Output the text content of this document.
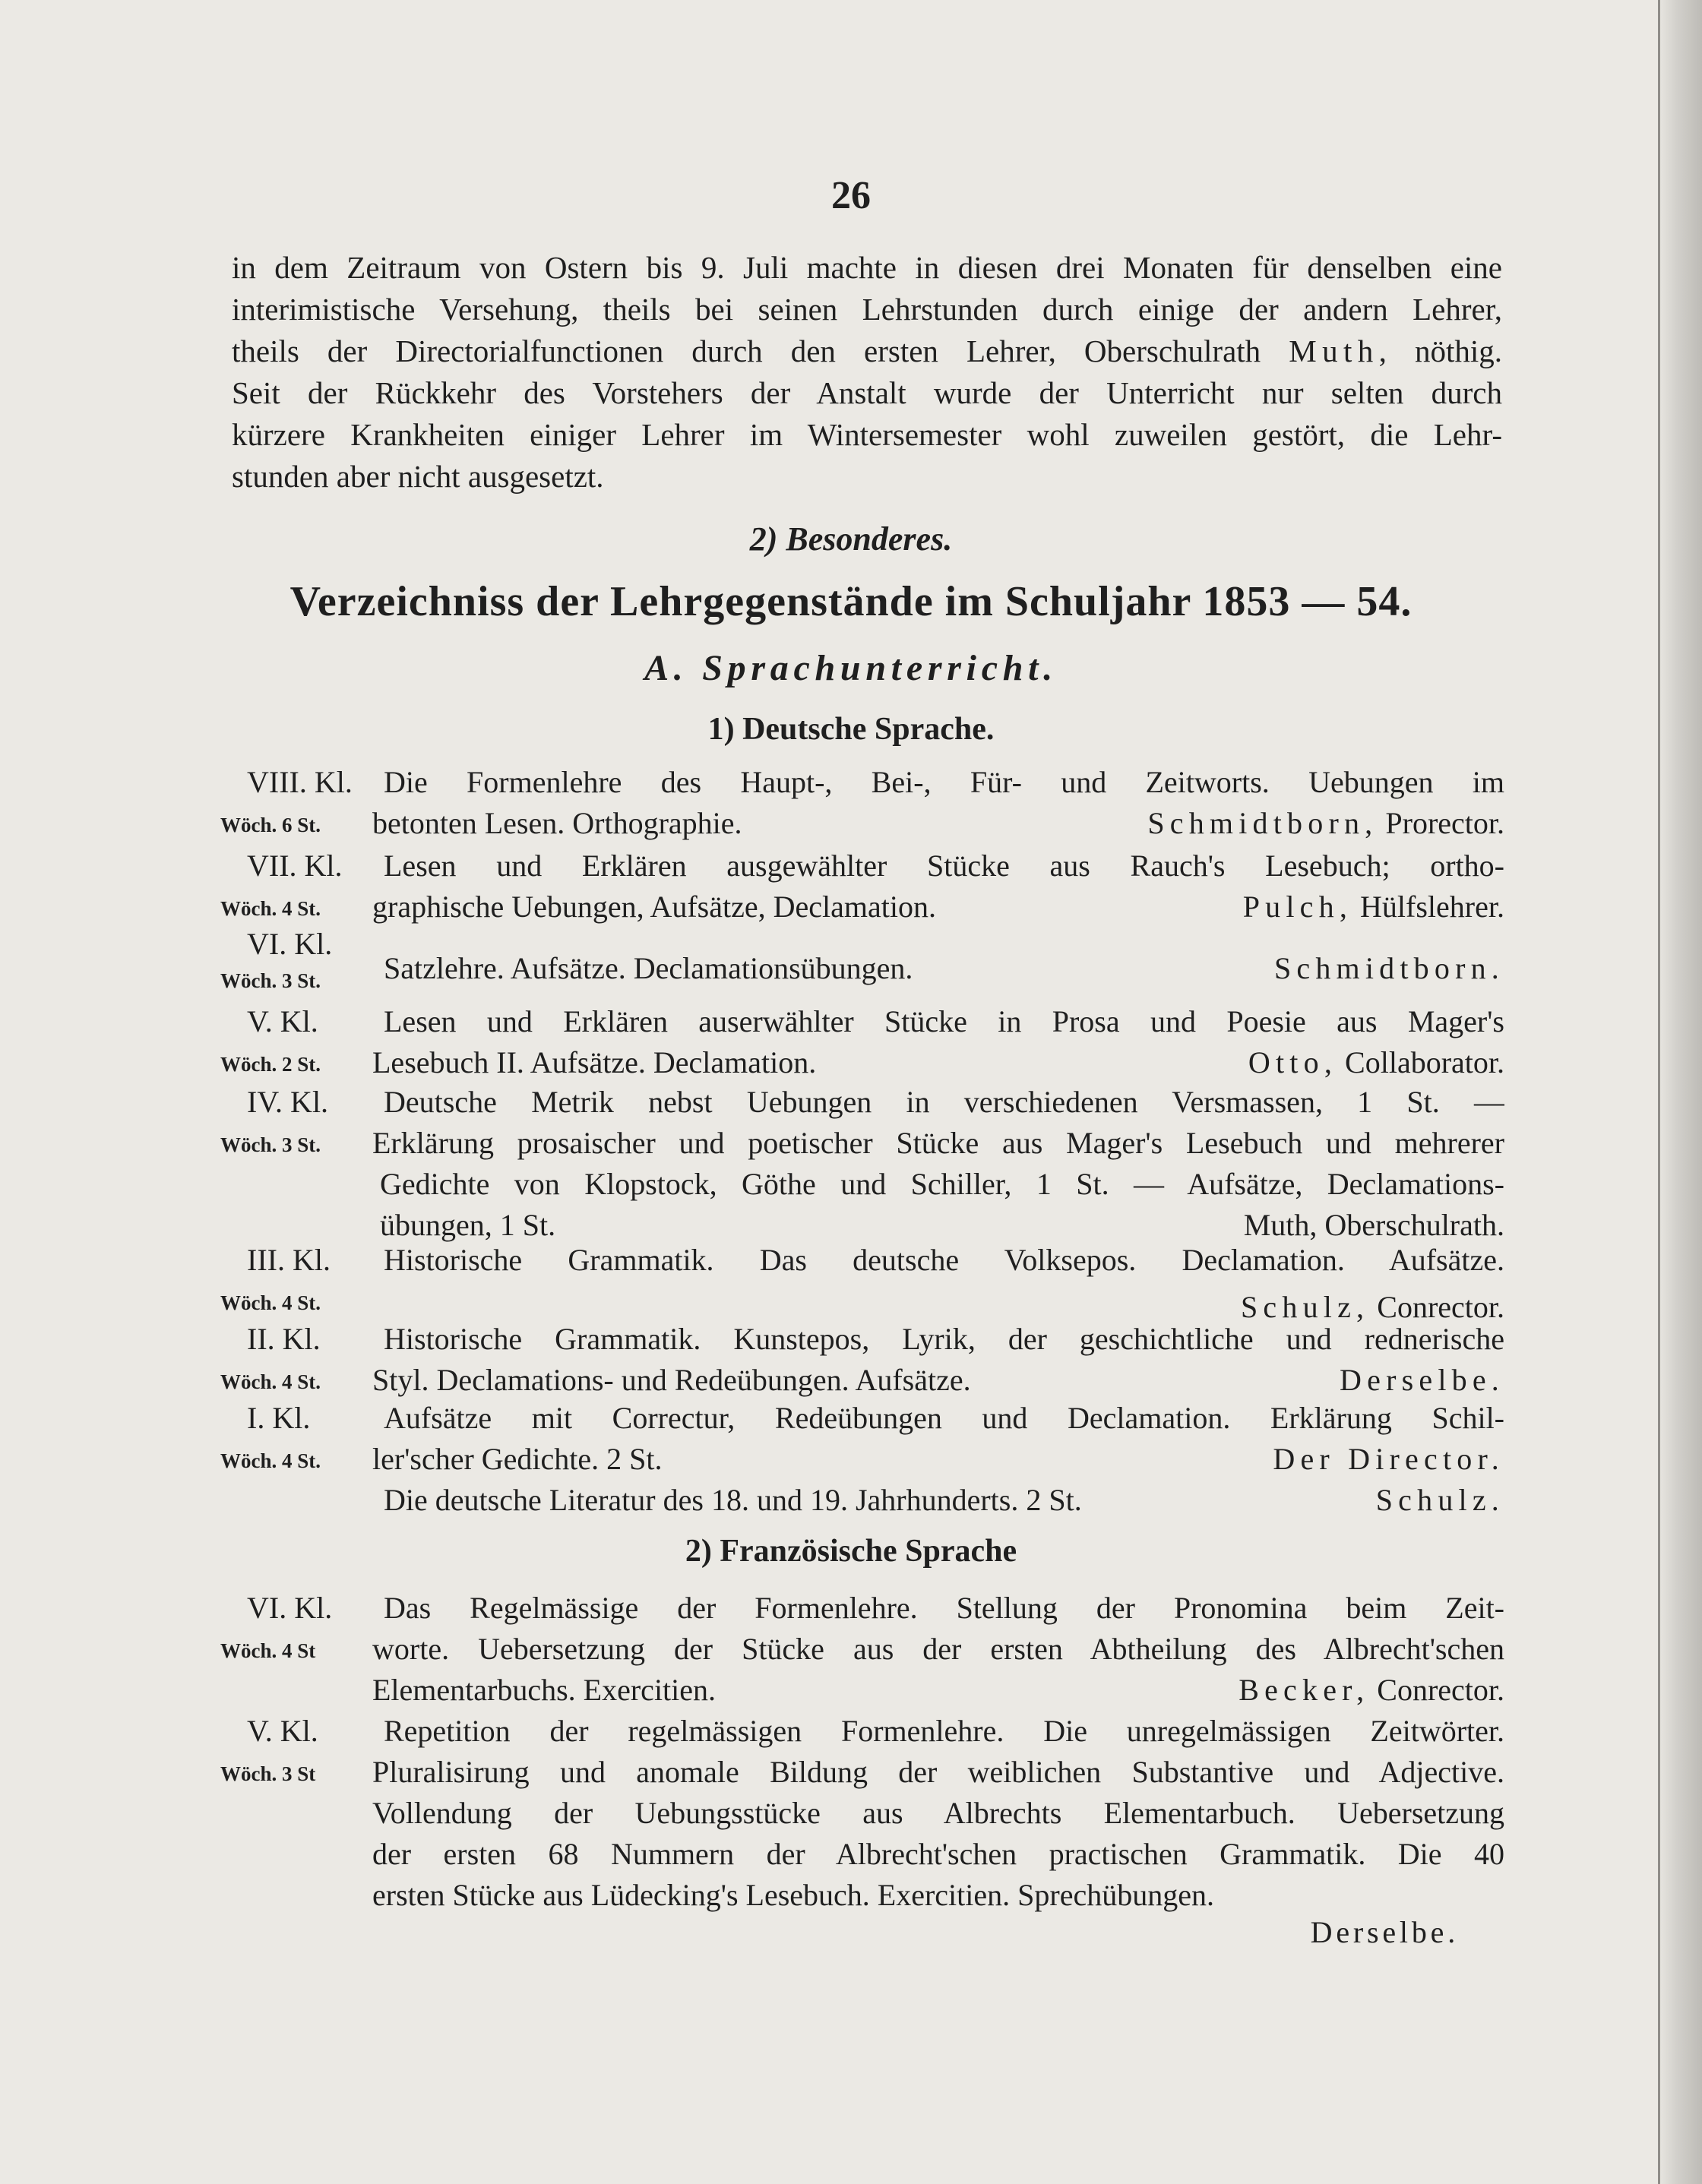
26
in dem Zeitraum von Ostern bis 9. Juli machte in diesen drei Monaten für denselben eine
interimistische Versehung, theils bei seinen Lehrstunden durch einige der andern Lehrer,
theils der Directorialfunctionen durch den ersten Lehrer, Oberschulrath Muth, nöthig.
Seit der Rückkehr des Vorstehers der Anstalt wurde der Unterricht nur selten durch
kürzere Krankheiten einiger Lehrer im Wintersemester wohl zuweilen gestört, die Lehr-
stunden aber nicht ausgesetzt.
2) Besonderes.
Verzeichniss der Lehrgegenstände im Schuljahr 1853 — 54.
A. Sprachunterricht.
1) Deutsche Sprache.
VIII. Kl. Die Formenlehre des Haupt-, Bei-, Für- und Zeitworts. Uebungen im
Wöch. 6 St. betonten Lesen. Orthographie.	Schmidtborn, Prorector.
VII. Kl. Lesen und Erklären ausgewählter Stücke aus Rauch's Lesebuch; ortho-
Wöch. 4 St. graphische Uebungen, Aufsätze, Declamation.	Pulch, Hülfslehrer.
VI. Kl.
Wöch. 3 St. Satzlehre. Aufsätze. Declamationsübungen.	Schmidtborn.
V. Kl. Lesen und Erklären auserwählter Stücke in Prosa und Poesie aus Mager's
Wöch. 2 St. Lesebuch II. Aufsätze. Declamation.	Otto, Collaborator.
IV. Kl. Deutsche Metrik nebst Uebungen in verschiedenen Versmassen, 1 St. —
Wöch. 3 St. Erklärung prosaischer und poetischer Stücke aus Mager's Lesebuch und mehrerer
Gedichte von Klopstock, Göthe und Schiller, 1 St. — Aufsätze, Declamations-
übungen, 1 St.	Muth, Oberschulrath.
III. Kl. Historische Grammatik. Das deutsche Volksepos. Declamation. Aufsätze.
Wöch. 4 St.	Schulz, Conrector.
II. Kl. Historische Grammatik. Kunstepos, Lyrik, der geschichtliche und rednerische
Wöch. 4 St. Styl. Declamations- und Redeübungen. Aufsätze.	Derselbe.
I. Kl. Aufsätze mit Correctur, Redeübungen und Declamation. Erklärung Schil-
Wöch. 4 St. ler'scher Gedichte. 2 St.	Der Director.
Die deutsche Literatur des 18. und 19. Jahrhunderts. 2 St.	Schulz.
2) Französische Sprache
VI. Kl. Das Regelmässige der Formenlehre. Stellung der Pronomina beim Zeit-
Wöch. 4 St worte. Uebersetzung der Stücke aus der ersten Abtheilung des Albrecht'schen
Elementarbuchs. Exercitien.	Becker, Conrector.
V. Kl. Repetition der regelmässigen Formenlehre. Die unregelmässigen Zeitwörter.
Wöch. 3 St Pluralisirung und anomale Bildung der weiblichen Substantive und Adjective.
Vollendung der Uebungsstücke aus Albrechts Elementarbuch. Uebersetzung
der ersten 68 Nummern der Albrecht'schen practischen Grammatik. Die 40
ersten Stücke aus Lüdecking's Lesebuch. Exercitien. Sprechübungen.
Derselbe.
